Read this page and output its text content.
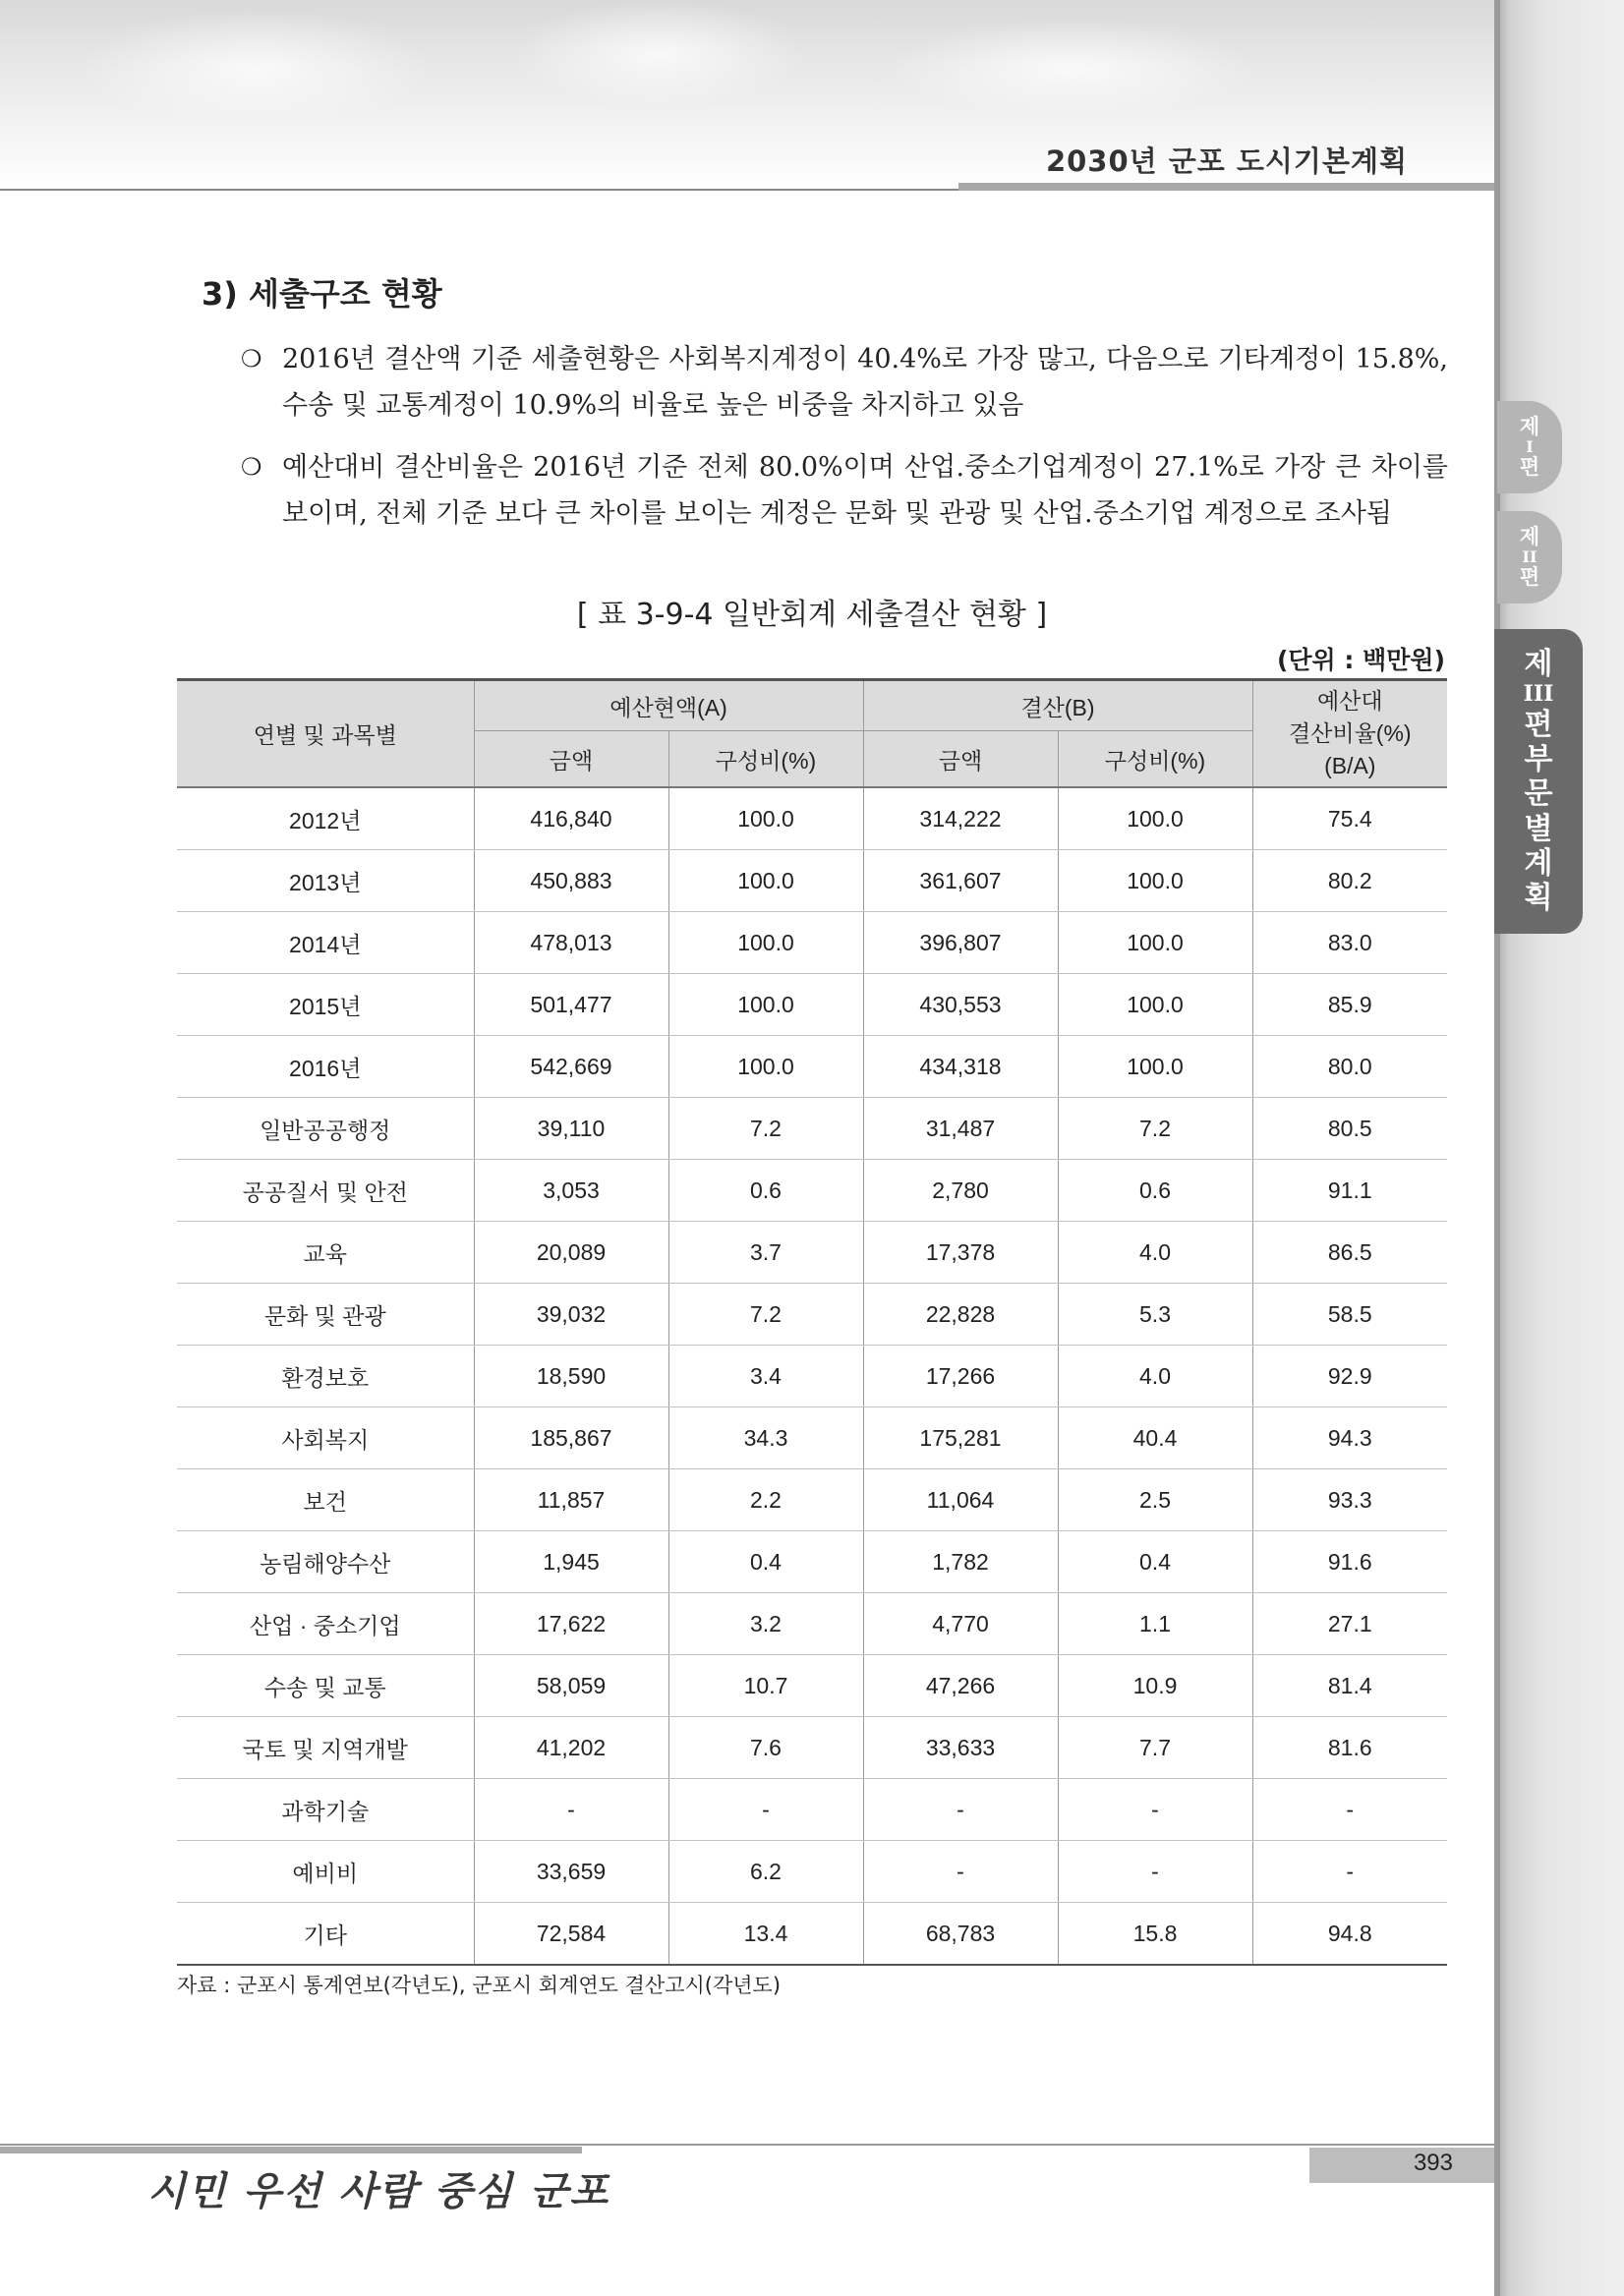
2030년 군포 도시기본계획
제
I
편
제
II
편
제
III
편
부
문
별
계
획
3) 세출구조 현황
❍ 2016년 결산액 기준 세출현황은 사회복지계정이 40.4%로 가장 많고, 다음으로 기타계정이 15.8%, 수송 및 교통계정이 10.9%의 비율로 높은 비중을 차지하고 있음
❍ 예산대비 결산비율은 2016년 기준 전체 80.0%이며 산업․중소기업계정이 27.1%로 가장 큰 차이를 보이며, 전체 기준 보다 큰 차이를 보이는 계정은 문화 및 관광 및 산업․중소기업 계정으로 조사됨
[ 표 3-9-4 일반회계 세출결산 현황 ]
(단위 : 백만원)
연별 및 과목별	예산현액(A)		결산(B)		예산대
결산비율(%)
(B/A)

	금액	구성비(%)	금액	구성비(%)	
2012년	416,840	100.0	314,222	100.0	75.4
2013년	450,883	100.0	361,607	100.0	80.2
2014년	478,013	100.0	396,807	100.0	83.0
2015년	501,477	100.0	430,553	100.0	85.9
2016년	542,669	100.0	434,318	100.0	80.0
일반공공행정	39,110	7.2	31,487	7.2	80.5
공공질서 및 안전	3,053	0.6	2,780	0.6	91.1
교육	20,089	3.7	17,378	4.0	86.5
문화 및 관광	39,032	7.2	22,828	5.3	58.5
환경보호	18,590	3.4	17,266	4.0	92.9
사회복지	185,867	34.3	175,281	40.4	94.3
보건	11,857	2.2	11,064	2.5	93.3
농림해양수산	1,945	0.4	1,782	0.4	91.6
산업 · 중소기업	17,622	3.2	4,770	1.1	27.1
수송 및 교통	58,059	10.7	47,266	10.9	81.4
국토 및 지역개발	41,202	7.6	33,633	7.7	81.6
과학기술	-	-	-	-	-
예비비	33,659	6.2	-	-	-
기타	72,584	13.4	68,783	15.8	94.8
자료 : 군포시 통계연보(각년도), 군포시 회계연도 결산고시(각년도)
시민 우선 사람 중심 군포
393
